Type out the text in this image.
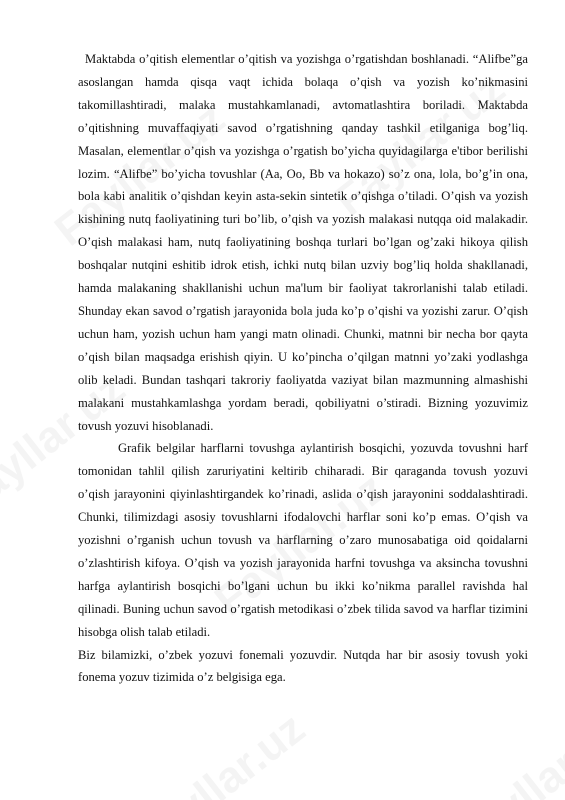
Maktabda o’qitish elementlar o’qitish va yozishga o’rgatishdan boshlanadi. “Alifbe”ga asoslangan hamda qisqa vaqt ichida bolaqa o’qish va yozish ko’nikmasini takomillashtiradi, malaka mustahkamlanadi, avtomatlashtira boriladi. Maktabda o’qitishning muvaffaqiyati savod o’rgatishning qanday tashkil etilganiga bog’liq. Masalan, elementlar o’qish va yozishga o’rgatish bo’yicha quyidagilarga e'tibor berilishi lozim. “Alifbe” bo’yicha tovushlar (Aa, Oo, Bb va hokazo) so’z ona, lola, bo’g’in ona, bola kabi analitik o’qishdan keyin asta-sekin sintetik o’qishga o’tiladi. O’qish va yozish kishining nutq faoliyatining turi bo’lib, o’qish va yozish malakasi nutqqa oid malakadir. O’qish malakasi ham, nutq faoliyatining boshqa turlari bo’lgan og’zaki hikoya qilish boshqalar nutqini eshitib idrok etish, ichki nutq bilan uzviy bog’liq holda shakllanadi, hamda malakaning shakllanishi uchun ma'lum bir faoliyat takrorlanishi talab etiladi. Shunday ekan savod o’rgatish jarayonida bola juda ko’p o’qishi va yozishi zarur. O’qish uchun ham, yozish uchun ham yangi matn olinadi. Chunki, matnni bir necha bor qayta o’qish bilan maqsadga erishish qiyin. U ko’pincha o’qilgan matnni yo’zaki yodlashga olib keladi. Bundan tashqari takroriy faoliyatda vaziyat bilan mazmunning almashishi malakani mustahkamlashga yordam beradi, qobiliyatni o’stiradi. Bizning yozuvimiz tovush yozuvi hisoblanadi.

Grafik belgilar harflarni tovushga aylantirish bosqichi, yozuvda tovushni harf tomonidan tahlil qilish zaruriyatini keltirib chiharadi. Bir qaraganda tovush yozuvi o’qish jarayonini qiyinlashtirgandek ko’rinadi, aslida o’qish jarayonini soddalashtiradi. Chunki, tilimizdagi asosiy tovushlarni ifodalovchi harflar soni ko’p emas. O’qish va yozishni o’rganish uchun tovush va harflarning o’zaro munosabatiga oid qoidalarni o’zlashtirish kifoya. O’qish va yozish jarayonida harfni tovushga va aksincha tovushni harfga aylantirish bosqichi bo’lgani uchun bu ikki ko’nikma parallel ravishda hal qilinadi. Buning uchun savod o’rgatish metodikasi o’zbek tilida savod va harflar tizimini hisobga olish talab etiladi.

Biz bilamizki, o’zbek yozuvi fonemali yozuvdir. Nutqda har bir asosiy tovush yoki fonema yozuv tizimida o’z belgisiga ega.
